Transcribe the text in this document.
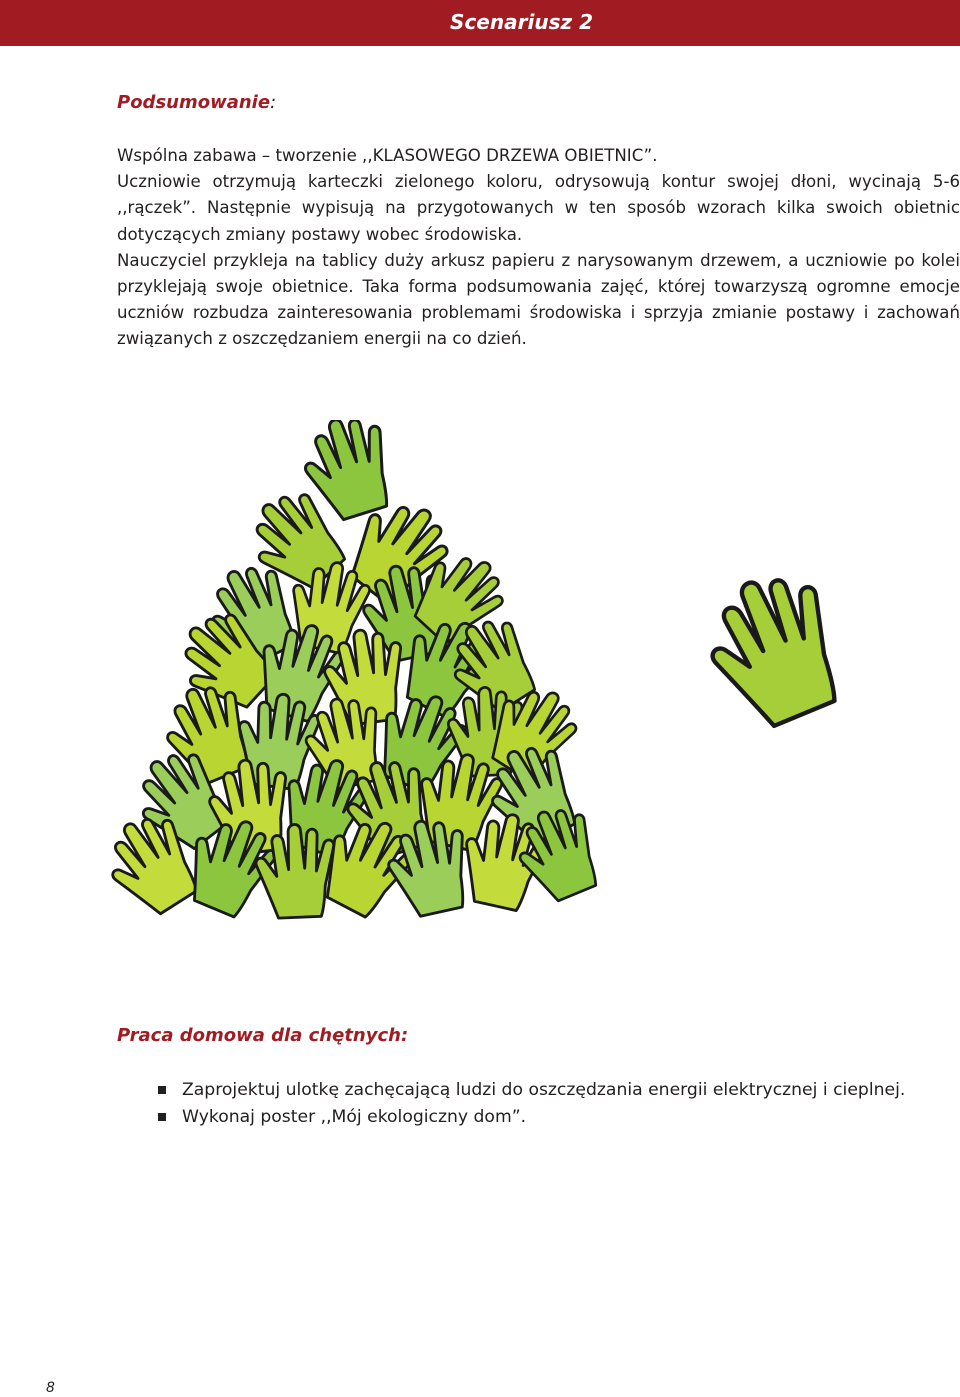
Scenariusz 2
Podsumowanie:

Wspólna zabawa – tworzenie ,,KLASOWEGO DRZEWA OBIETNIC”.

Uczniowie otrzymują karteczki zielonego koloru, odrysowują kontur swojej dłoni, wycinają 5-6 ,,rączek”. Następnie wypisują na przygotowanych w ten sposób wzorach kilka swoich obietnic dotyczących zmiany postawy wobec środowiska.

Nauczyciel przykleja na tablicy duży arkusz papieru z narysowanym drzewem, a uczniowie po kolei przyklejają swoje obietnice. Taka forma podsumowania zajęć, której towarzyszą ogromne emocje uczniów rozbudza zainteresowania problemami środowiska i sprzyja zmianie postawy i zachowań związanych z oszczędzaniem energii na co dzień.

Praca domowa dla chętnych:
Zaprojektuj ulotkę zachęcającą ludzi do oszczędzania energii elektrycznej i cieplnej.
Wykonaj poster ,,Mój ekologiczny dom”.
8
